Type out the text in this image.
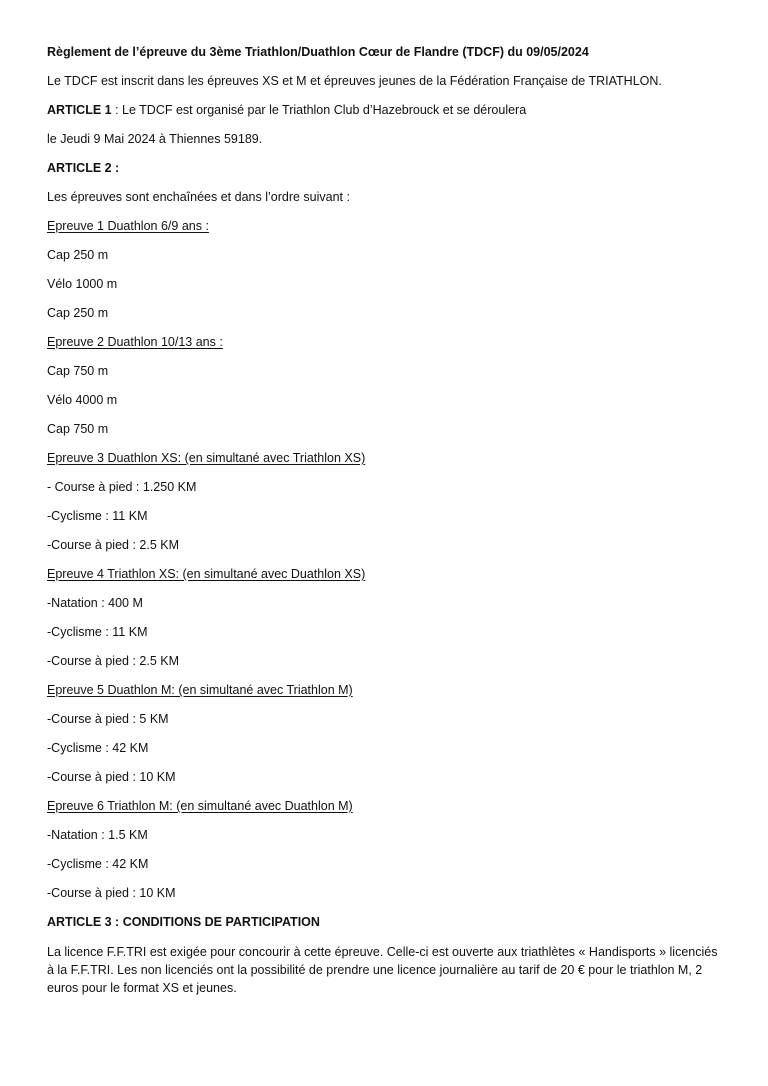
Règlement de l’épreuve du 3ème Triathlon/Duathlon Cœur de Flandre (TDCF) du 09/05/2024
Le TDCF est inscrit dans les épreuves XS et M et épreuves jeunes de la Fédération Française de TRIATHLON.
ARTICLE 1 : Le TDCF est organisé par le Triathlon Club d’Hazebrouck et se déroulera
le Jeudi 9 Mai 2024 à Thiennes 59189.
ARTICLE 2 :
Les épreuves sont enchaînées et dans l’ordre suivant :
Epreuve 1 Duathlon 6/9 ans :
Cap 250 m
Vélo 1000 m
Cap 250 m
Epreuve 2 Duathlon 10/13 ans :
Cap 750 m
Vélo 4000 m
Cap 750 m
Epreuve 3 Duathlon XS: (en simultané avec Triathlon XS)
- Course à pied : 1.250 KM
-Cyclisme : 11 KM
-Course à pied : 2.5 KM
Epreuve 4 Triathlon XS: (en simultané avec Duathlon XS)
-Natation : 400 M
-Cyclisme : 11 KM
-Course à pied : 2.5 KM
Epreuve 5 Duathlon M: (en simultané avec Triathlon M)
-Course à pied : 5 KM
-Cyclisme : 42 KM
-Course à pied : 10 KM
Epreuve 6 Triathlon M: (en simultané avec Duathlon M)
-Natation : 1.5 KM
-Cyclisme : 42 KM
-Course à pied : 10 KM
ARTICLE 3 : CONDITIONS DE PARTICIPATION

La licence F.F.TRI est exigée pour concourir à cette épreuve. Celle-ci est ouverte aux triathlètes « Handisports » licenciés à la F.F.TRI. Les non licenciés ont la possibilité de prendre une licence journalière au tarif de 20 € pour le triathlon M, 2 euros pour le format XS et jeunes.
